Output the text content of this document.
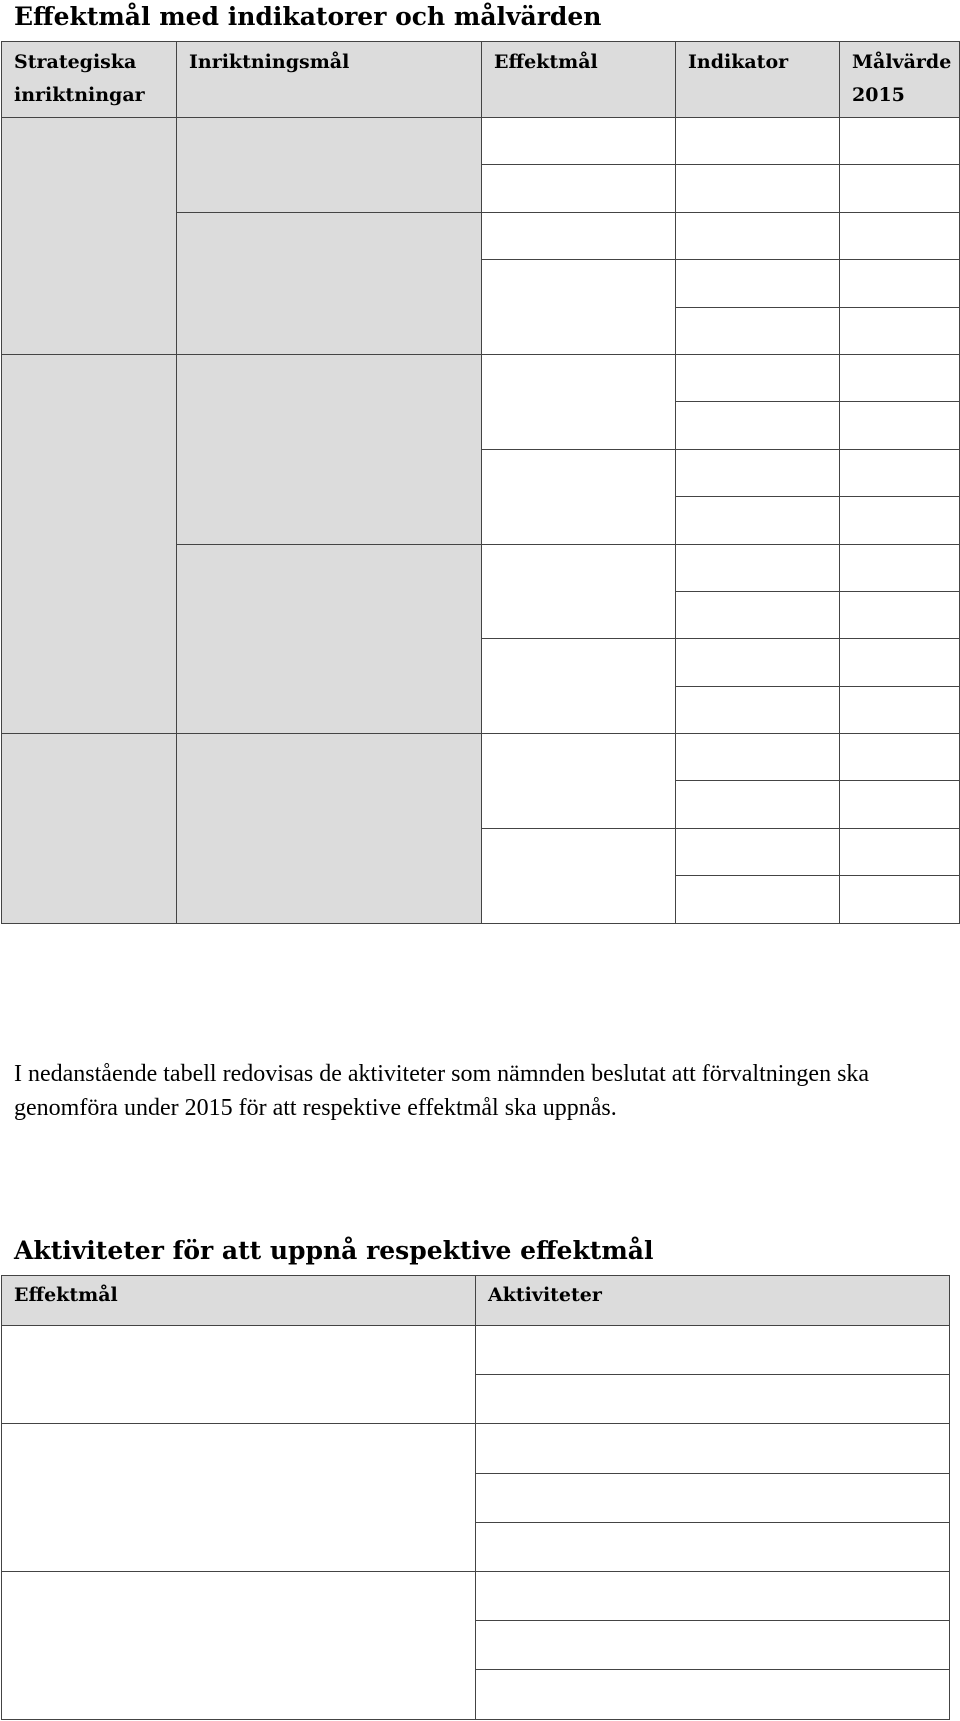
Effektmål med indikatorer och målvärden
Strategiska inriktningar	Inriktningsmål	Effektmål	Indikator	Målvärde 2015

I nedanstående tabell redovisas de aktiviteter som nämnden beslutat att förvaltningen ska genomföra under 2015 för att respektive effektmål ska uppnås.

Aktiviteter för att uppnå respektive effektmål
Effektmål	Aktiviteter
